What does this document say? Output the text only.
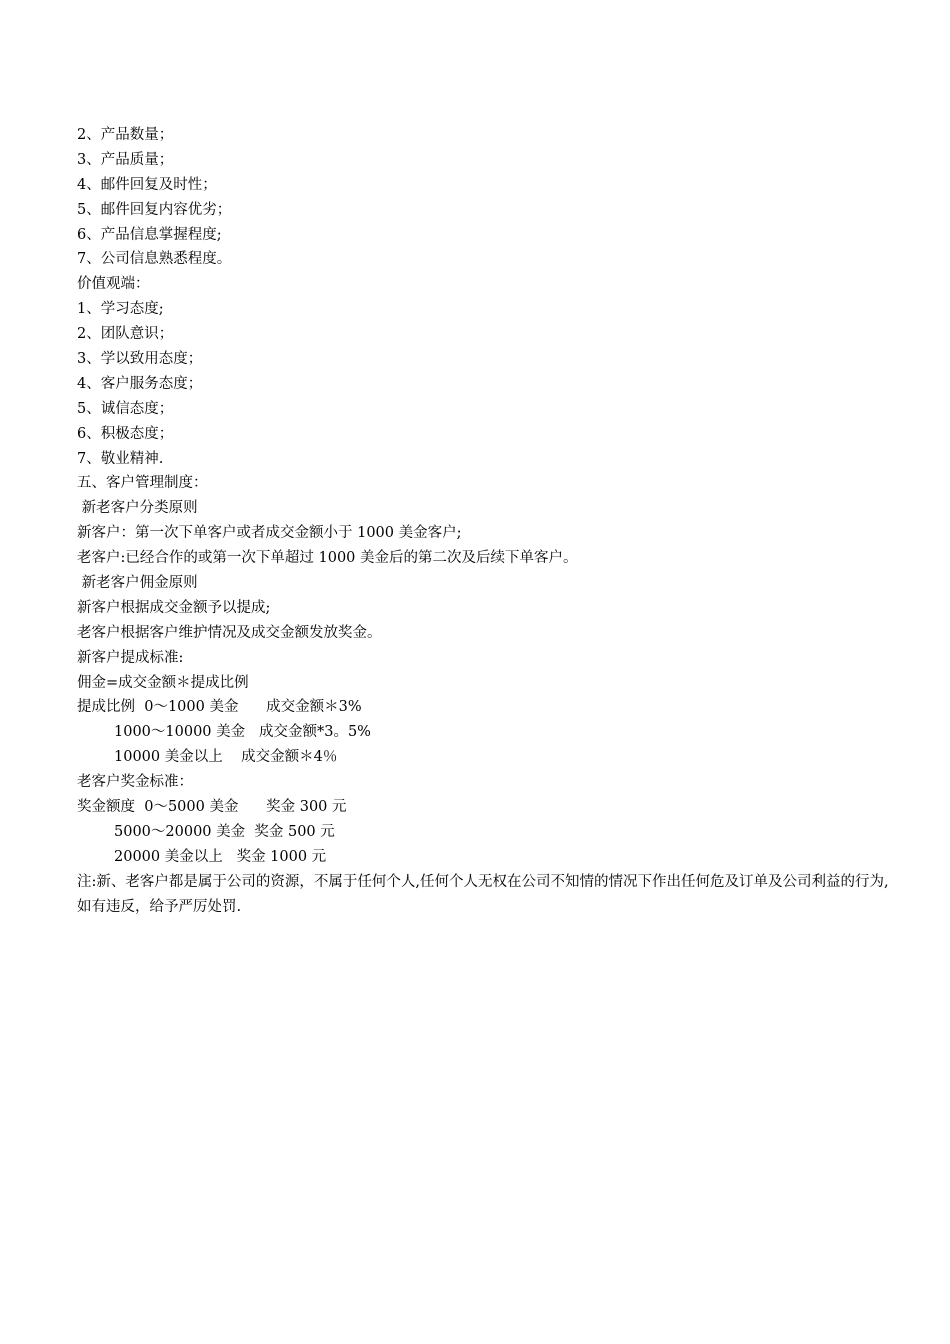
2、产品数量；
3、产品质量；
4、邮件回复及时性；
5、邮件回复内容优劣；
6、产品信息掌握程度;
7、公司信息熟悉程度。
价值观端：
1、学习态度;
2、团队意识；
3、学以致用态度；
4、客户服务态度；
5、诚信态度；
6、积极态度；
7、敬业精神.
五、客户管理制度：
新老客户分类原则
新客户：第一次下单客户或者成交金额小于 1000 美金客户;
老客户:已经合作的或第一次下单超过 1000 美金后的第二次及后续下单客户。
新老客户佣金原则
新客户根据成交金额予以提成;
老客户根据客户维护情况及成交金额发放奖金。
新客户提成标准:
佣金=成交金额＊提成比例
提成比例  0～1000 美金      成交金额＊3%
1000～10000 美金   成交金额*3。5%
10000 美金以上    成交金额＊4％
老客户奖金标准：
奖金额度  0～5000 美金      奖金 300 元
5000～20000 美金  奖金 500 元
20000 美金以上   奖金 1000 元
注:新、老客户都是属于公司的资源，不属于任何个人,任何个人无权在公司不知情的情况下作出任何危及订单及公司利益的行为,如有违反，给予严厉处罚.
